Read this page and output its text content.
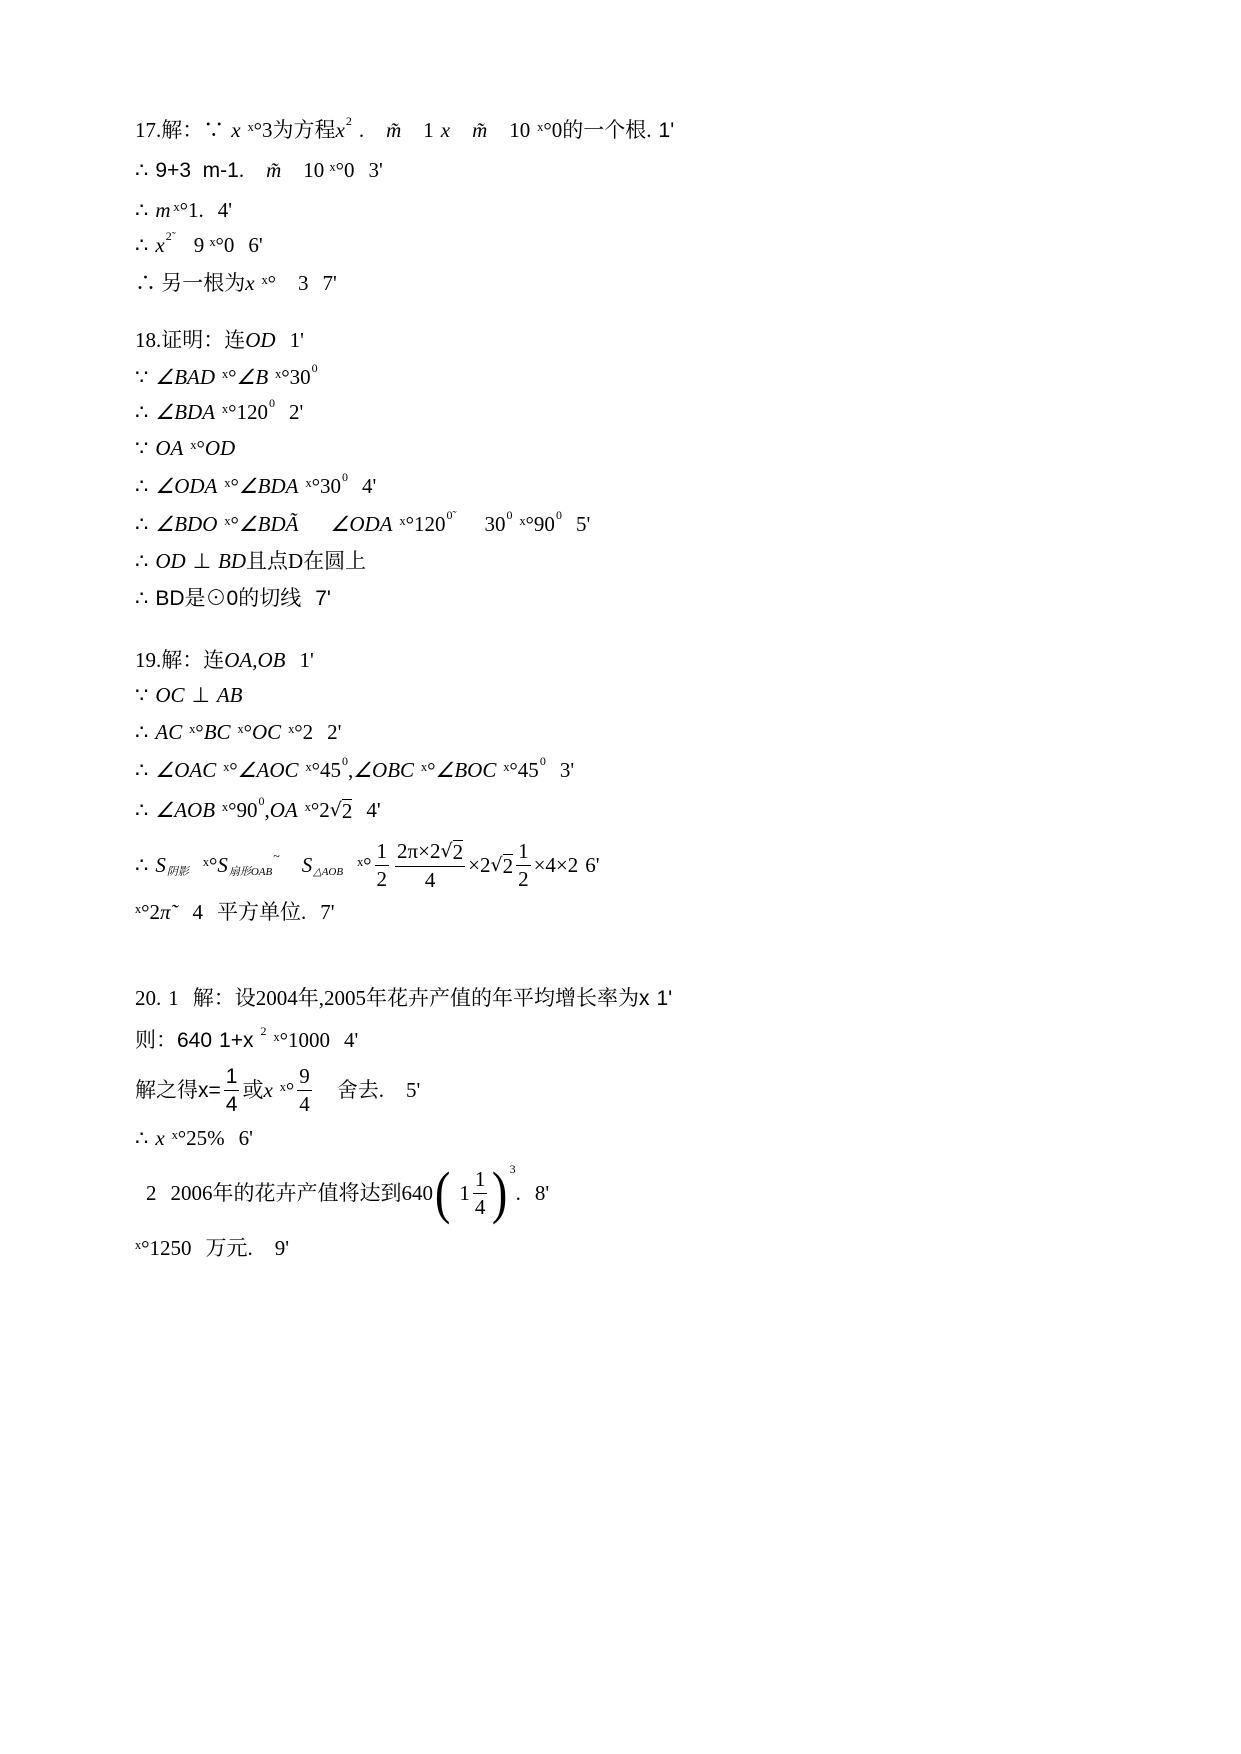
17.解：∵ x ˣ°3为方程 x 2 . m̃ 1 x m̃ 10 ˣ°0的一个根. 1'
∴ 9+3  m-1 . m̃ 10 ˣ°0 3'
∴ m ˣ°1. 4'
∴ x 2̃ 9 ˣ°0 6'
∴ 另一根为 x ˣ° 3 7'
18.证明：连 OD 1'
∵ ∠BAD ˣ° ∠B ˣ°30 0
∴ ∠BDA ˣ°120 0 2'
∵ OA ˣ° OD
∴ ∠ODA ˣ° ∠BDA ˣ°30 0 4'
∴ ∠BDO ˣ° ∠BDÃ ∠ODA ˣ°120 0̃ 30 0 ˣ°90 0 5'
∴ OD ⊥ BD 且点D在圆上
∴ BD是⊙0的切线 7'
19.解：连 OA , OB 1'
∵ OC ⊥ AB
∴ AC ˣ° BC ˣ° OC ˣ°2 2'
∴ ∠OAC ˣ° ∠AOC ˣ°45 0 , ∠OBC ˣ° ∠BOC ˣ°45 0 3'
∴ ∠AOB ˣ°90 0 , OA ˣ°2 √ 2 4'
∴ S 阴影 ˣ° S 扇形OAB
~ S △AOB ˣ° $\frac{1}{2} \frac{2\pi\times 2 √ 2}{4} \times 2$ √ $2 \frac{1}{2} \times 4\times 2$ 6'
ˣ°2 π̃ 4 平方单位. 7'
20. 1 解：设2004年,2005年花卉产值的年平均增长率为 x 1'
则： 640 1+x 2 ˣ°1000 4'
解之得 $x= \frac{1}{4}$ 或 x ˣ° $\frac{9}{4}$ 舍去. 5'
∴ x ˣ°25% 6'
2 2006年的花卉产值将达到640 ( $1 \frac{1}{4}$ ) 3
. 8'
ˣ°1250 万元. 9'
